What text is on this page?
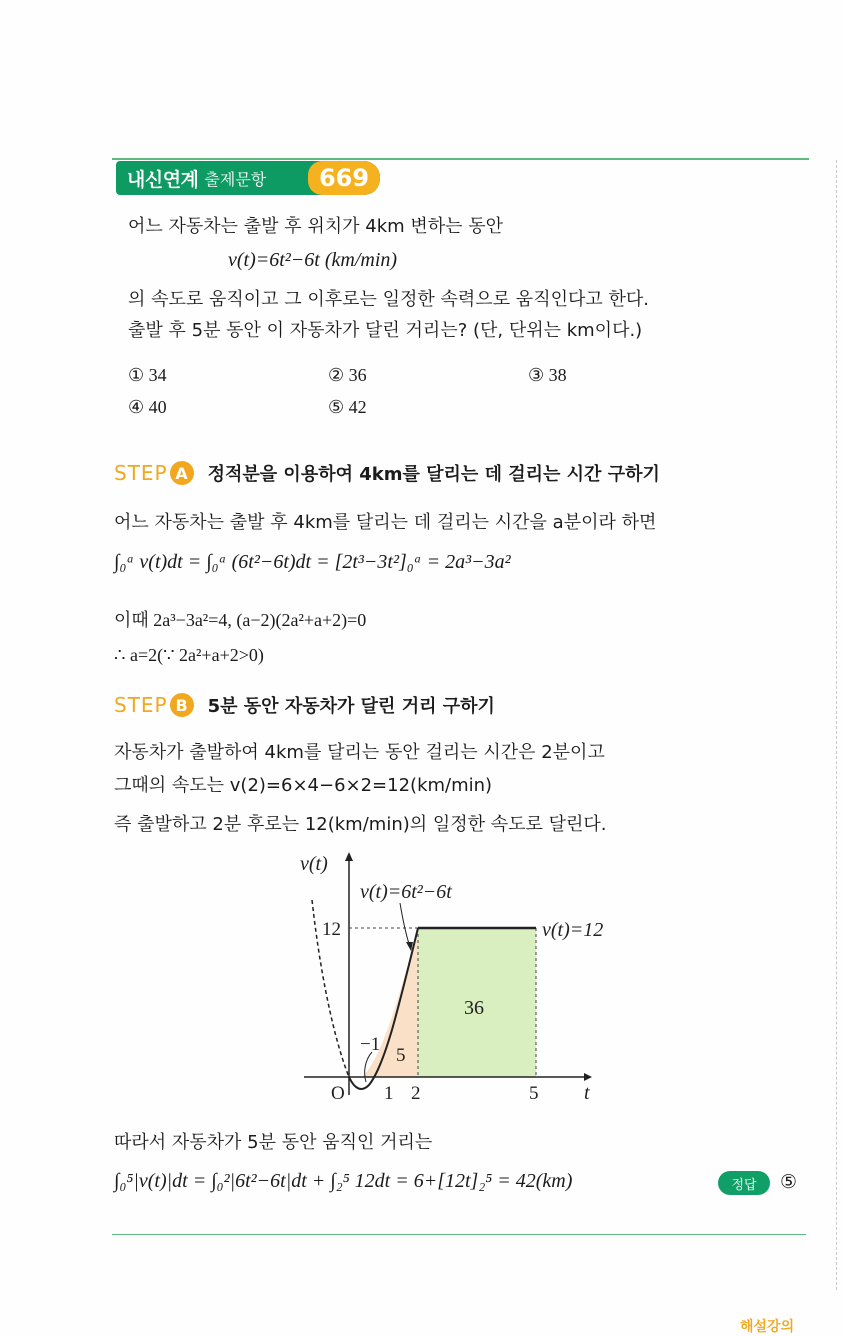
내신연계 출제문항	669
어느 자동차는 출발 후 위치가 4km 변하는 동안
v(t)=6t²−6t (km/min)
의 속도로 움직이고 그 이후로는 일정한 속력으로 움직인다고 한다.
출발 후 5분 동안 이 자동차가 달린 거리는? (단, 단위는 km이다.)
① 34	② 36	③ 38
④ 40	⑤ 42
STEP A	정적분을 이용하여 4km를 달리는 데 걸리는 시간 구하기
어느 자동차는 출발 후 4km를 달리는 데 걸리는 시간을 a분이라 하면
∫₀ᵃ v(t)dt = ∫₀ᵃ (6t²−6t)dt = [2t³−3t²]₀ᵃ = 2a³−3a²
이때 2a³−3a²=4, (a−2)(2a²+a+2)=0
∴ a=2(∵ 2a²+a+2>0)
STEP B	5분 동안 자동차가 달린 거리 구하기
자동차가 출발하여 4km를 달리는 동안 걸리는 시간은 2분이고
그때의 속도는 v(2)=6×4−6×2=12(km/min)
즉 출발하고 2분 후로는 12(km/min)의 일정한 속도로 달린다.
v(t)
v(t)=6t²−6t
12	v(t)=12
36
−1
5
O 1 2	5 t
따라서 자동차가 5분 동안 움직인 거리는
∫₀⁵|v(t)|dt = ∫₀²|6t²−6t|dt + ∫₂⁵ 12dt = 6+[12t]₂⁵ = 42(km)	정답	⑤
해설강의
